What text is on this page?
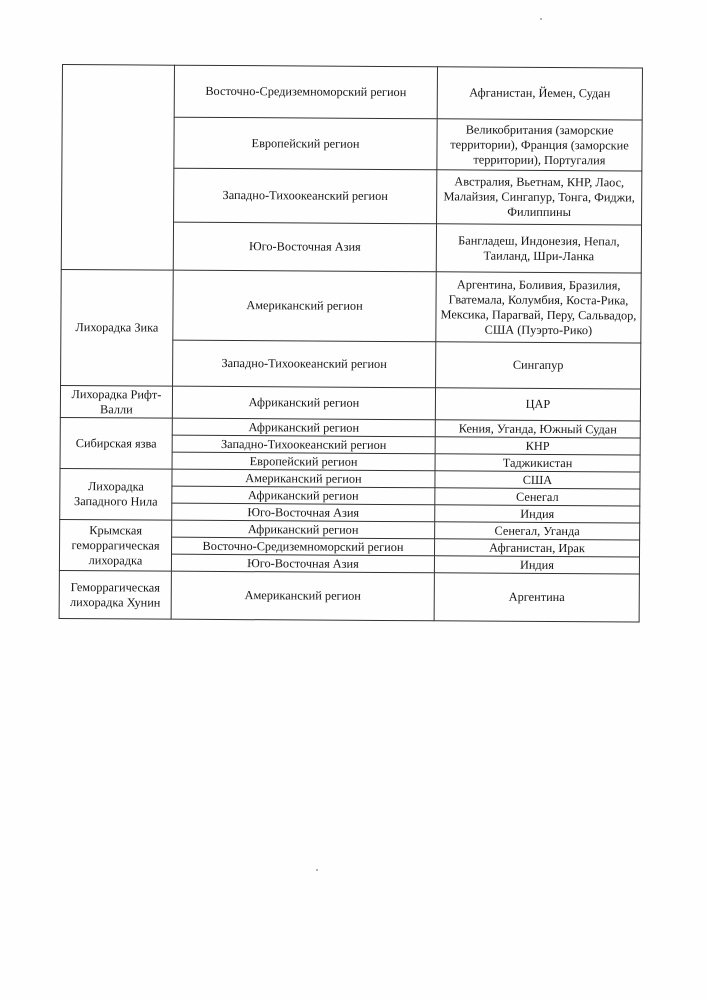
	Восточно-Средиземноморский регион	Афганистан, Йемен, Судан
	Европейский регион	Великобритания (заморские территории), Франция (заморские территории), Португалия
	Западно-Тихоокеанский регион	Австралия, Вьетнам, КНР, Лаос, Малайзия, Сингапур, Тонга, Фиджи, Филиппины
	Юго-Восточная Азия	Бангладеш, Индонезия, Непал, Таиланд, Шри-Ланка
Лихорадка Зика	Американский регион	Аргентина, Боливия, Бразилия, Гватемала, Колумбия, Коста-Рика, Мексика, Парагвай, Перу, Сальвадор, США (Пуэрто-Рико)
	Западно-Тихоокеанский регион	Сингапур
Лихорадка Рифт-Валли	Африканский регион	ЦАР
Сибирская язва	Африканский регион	Кения, Уганда, Южный Судан
	Западно-Тихоокеанский регион	КНР
	Европейский регион	Таджикистан
Лихорадка Западного Нила	Американский регион	США
	Африканский регион	Сенегал
	Юго-Восточная Азия	Индия
Крымская геморрагическая лихорадка	Африканский регион	Сенегал, Уганда
	Восточно-Средиземноморский регион	Афганистан, Ирак
	Юго-Восточная Азия	Индия
Геморрагическая лихорадка Хунин	Американский регион	Аргентина
